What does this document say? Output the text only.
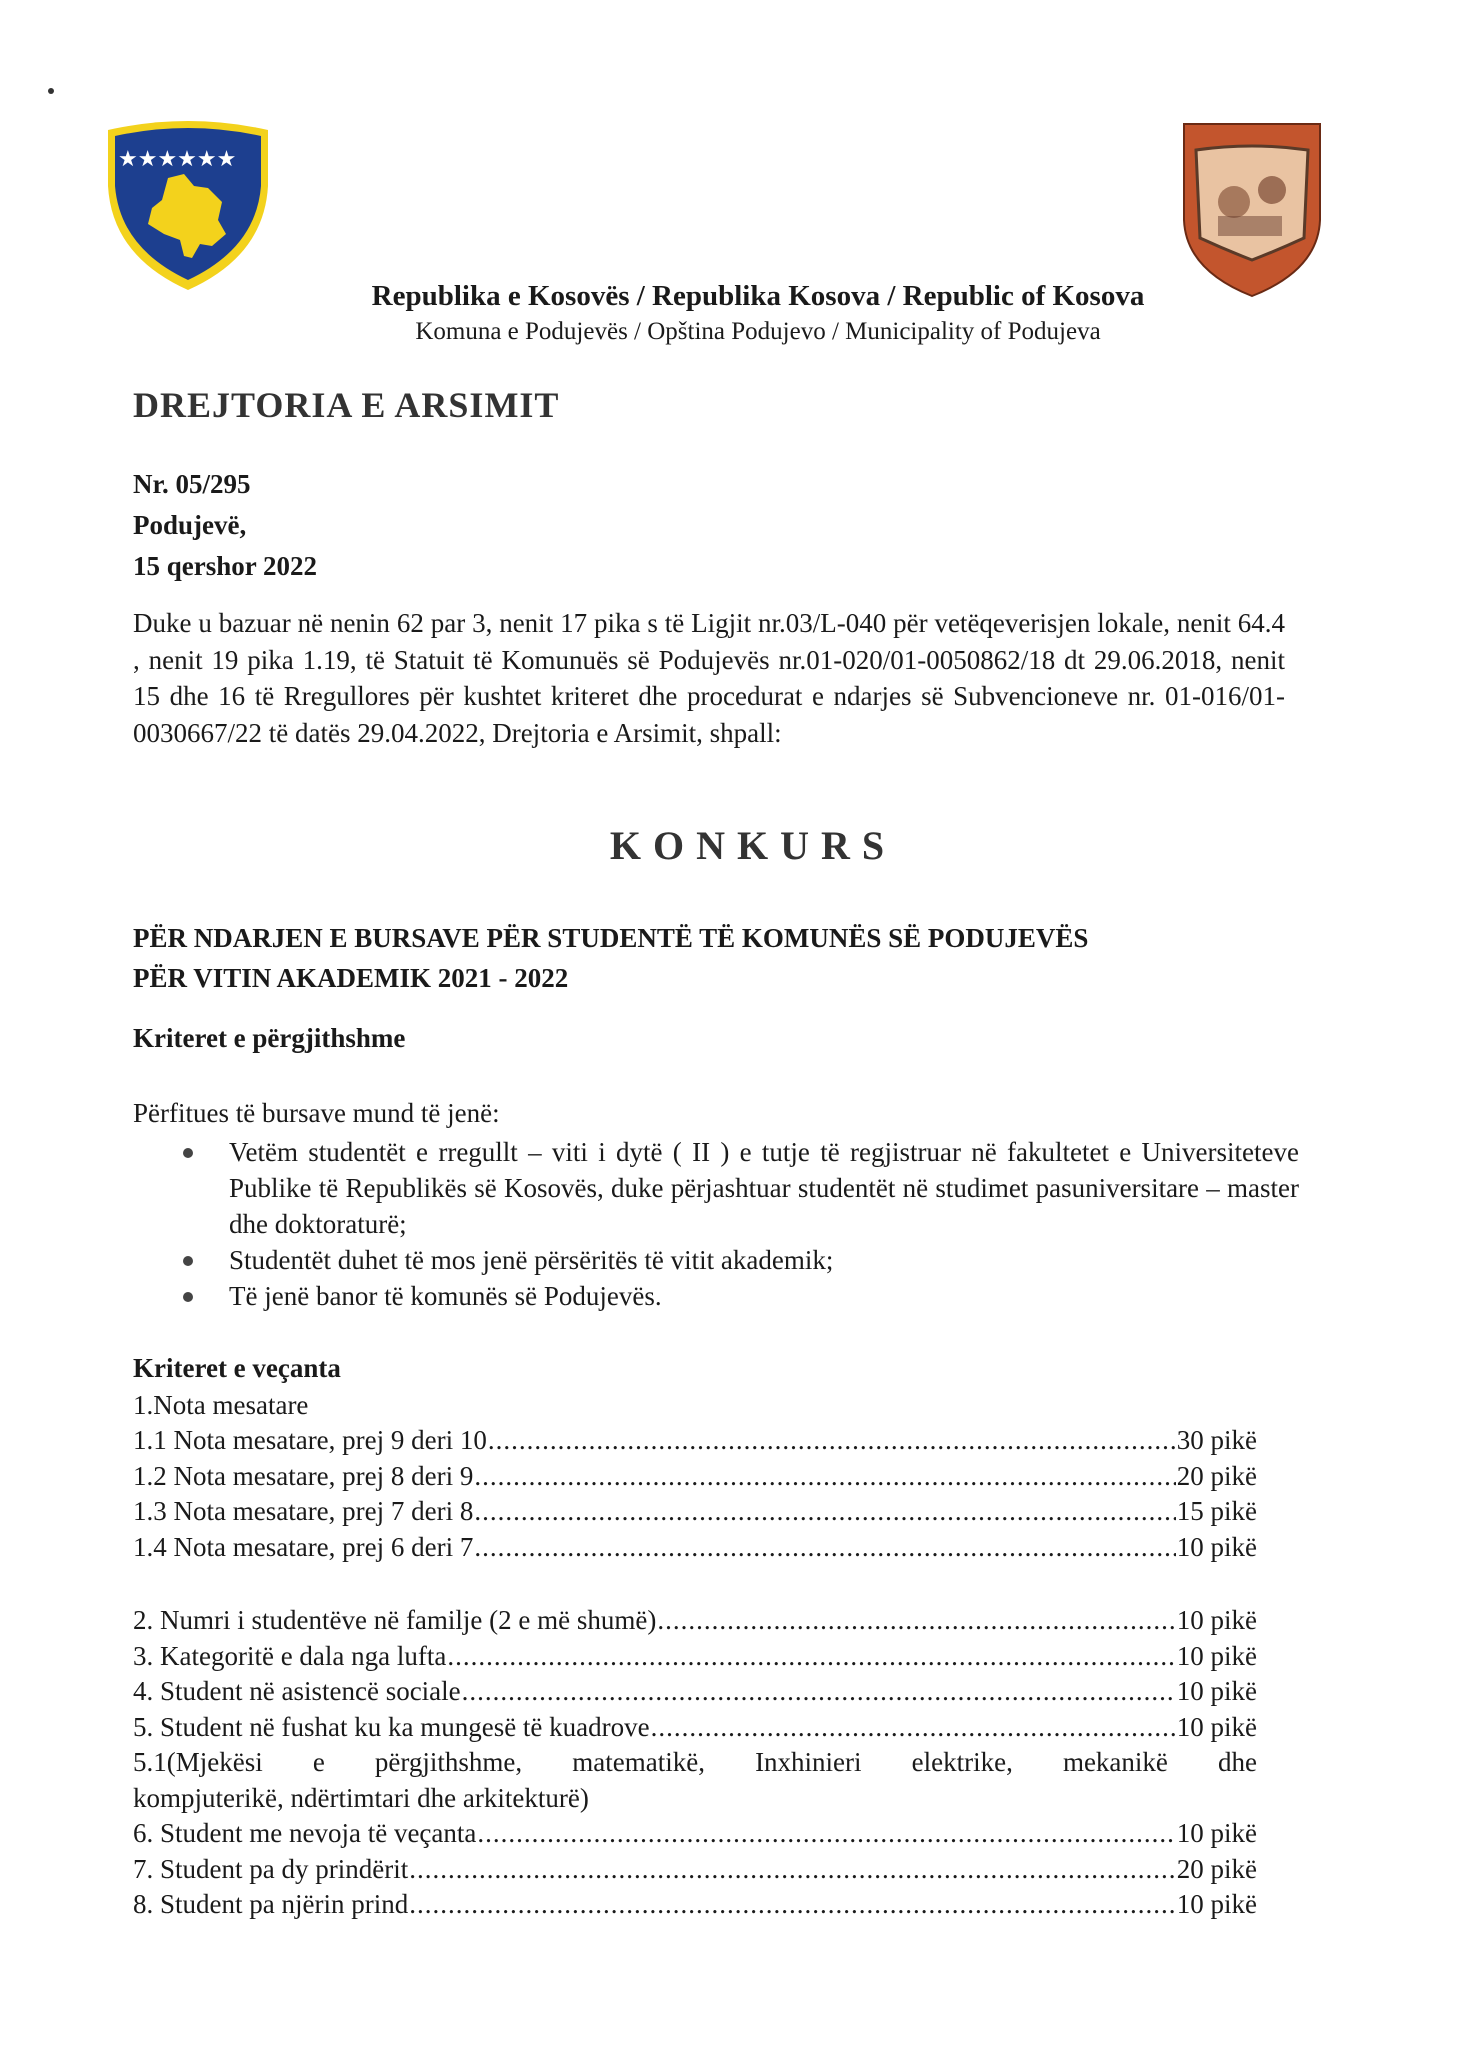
★★★★★★
Republika e Kosovës / Republika Kosova / Republic of Kosova
Komuna e Podujevës / Opština Podujevo / Municipality of Podujeva
DREJTORIA E ARSIMIT
Nr. 05/295
Podujevë,
15 qershor 2022
Duke u bazuar në nenin 62 par 3, nenit 17 pika s të Ligjit nr.03/L-040 për vetëqeverisjen lokale, nenit 64.4 , nenit 19 pika 1.19, të Statuit të Komunuës së Podujevës nr.01-020/01-0050862/18 dt 29.06.2018, nenit 15 dhe 16 të Rregullores për kushtet kriteret dhe procedurat e ndarjes së Subvencioneve nr. 01-016/01-0030667/22 të datës 29.04.2022, Drejtoria e Arsimit, shpall:
KONKURS
PËR NDARJEN E BURSAVE PËR STUDENTË TË KOMUNËS SË PODUJEVËS
PËR VITIN AKADEMIK 2021 - 2022
Kriteret e përgjithshme
Përfitues të bursave mund të jenë:
Vetëm studentët e rregullt – viti i dytë ( II ) e tutje të regjistruar në fakultetet e Universiteteve Publike të Republikës së Kosovës, duke përjashtuar studentët në studimet pasuniversitare – master dhe doktoraturë;
Studentët duhet të mos jenë përsëritës të vitit akademik;
Të jenë banor të komunës së Podujevës.
Kriteret e veçanta
1.Nota mesatare
1.1 Nota mesatare, prej 9 deri 10 .....	30 pikë
1.2 Nota mesatare, prej 8 deri 9 .....	20 pikë
1.3 Nota mesatare, prej 7 deri 8 .....	15 pikë
1.4 Nota mesatare, prej 6 deri 7 .....	10 pikë
2. Numri i studentëve në familje (2 e më shumë) .....	10 pikë
3. Kategoritë e dala nga lufta .....	10 pikë
4. Student në asistencë sociale .....	10 pikë
5. Student në fushat ku ka mungesë të kuadrove .....	10 pikë
5.1(Mjekësi e përgjithshme, matematikë, Inxhinieri elektrike, mekanikë dhe
kompjuterikë, ndërtimtari dhe arkitekturë)
6. Student me nevoja të veçanta .....	10 pikë
7. Student pa dy prindërit .....	20 pikë
8. Student pa njërin prind .....	10 pikë
